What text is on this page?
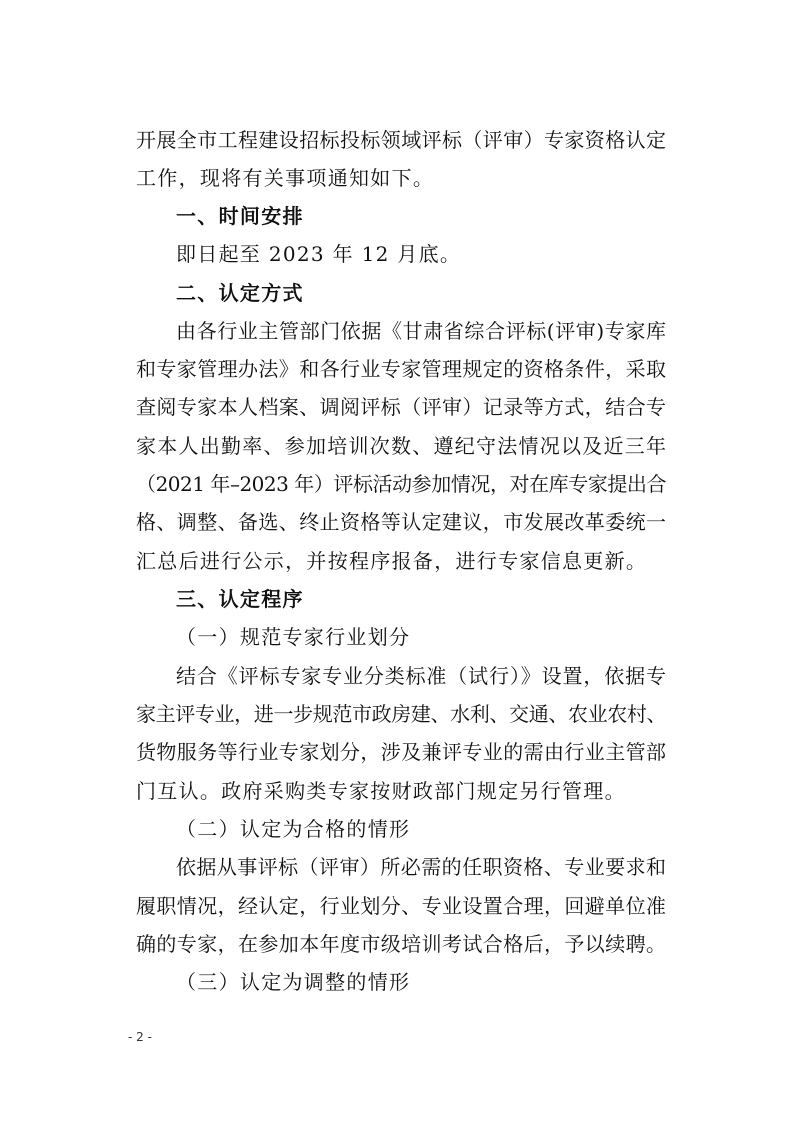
开展全市工程建设招标投标领域评标（评审）专家资格认定
工作，现将有关事项通知如下。
一、时间安排
即日起至 2023 年 12 月底。
二、认定方式
由各行业主管部门依据《甘肃省综合评标(评审)专家库
和专家管理办法》和各行业专家管理规定的资格条件，采取
查阅专家本人档案、调阅评标（评审）记录等方式，结合专
家本人出勤率、参加培训次数、遵纪守法情况以及近三年
（2021 年–2023 年）评标活动参加情况，对在库专家提出合
格、调整、备选、终止资格等认定建议，市发展改革委统一
汇总后进行公示，并按程序报备，进行专家信息更新。
三、认定程序
（一）规范专家行业划分
结合《评标专家专业分类标准（试行）》设置，依据专
家主评专业，进一步规范市政房建、水利、交通、农业农村、
货物服务等行业专家划分，涉及兼评专业的需由行业主管部
门互认。政府采购类专家按财政部门规定另行管理。
（二）认定为合格的情形
依据从事评标（评审）所必需的任职资格、专业要求和
履职情况，经认定，行业划分、专业设置合理，回避单位准
确的专家，在参加本年度市级培训考试合格后，予以续聘。
（三）认定为调整的情形
- 2 -
